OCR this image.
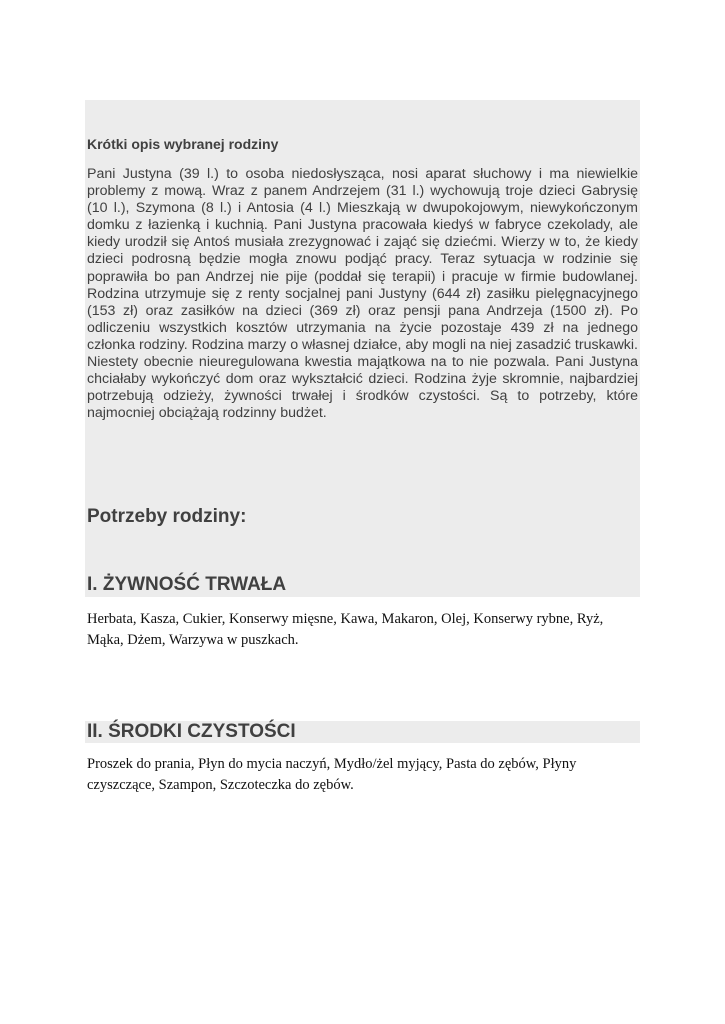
Krótki opis wybranej rodziny

Pani Justyna (39 l.) to osoba niedosłysząca, nosi aparat słuchowy i ma niewielkie problemy z mową. Wraz z panem Andrzejem (31 l.) wychowują troje dzieci Gabrysię (10 l.), Szymona (8 l.) i Antosia (4 l.) Mieszkają w dwupokojowym, niewykończonym domku z łazienką i kuchnią. Pani Justyna pracowała kiedyś w fabryce czekolady, ale kiedy urodził się Antoś musiała zrezygnować i zająć się dziećmi. Wierzy w to, że kiedy dzieci podrosną będzie mogła znowu podjąć pracy. Teraz sytuacja w rodzinie się poprawiła bo pan Andrzej nie pije (poddał się terapii) i pracuje w firmie budowlanej. Rodzina utrzymuje się z renty socjalnej pani Justyny (644 zł) zasiłku pielęgnacyjnego (153 zł) oraz zasiłków na dzieci (369 zł) oraz pensji pana Andrzeja (1500 zł). Po odliczeniu wszystkich kosztów utrzymania na życie pozostaje 439 zł na jednego członka rodziny. Rodzina marzy o własnej działce, aby mogli na niej zasadzić truskawki. Niestety obecnie nieuregulowana kwestia majątkowa na to nie pozwala. Pani Justyna chciałaby wykończyć dom oraz wykształcić dzieci. Rodzina żyje skromnie, najbardziej potrzebują odzieży, żywności trwałej i środków czystości. Są to potrzeby, które najmocniej obciążają rodzinny budżet.

Potrzeby rodziny:

I. ŻYWNOŚĆ TRWAŁA

Herbata, Kasza, Cukier, Konserwy mięsne, Kawa, Makaron, Olej, Konserwy rybne, Ryż, Mąka, Dżem, Warzywa w puszkach.

II. ŚRODKI CZYSTOŚCI

Proszek do prania, Płyn do mycia naczyń, Mydło/żel myjący, Pasta do zębów, Płyny czyszczące, Szampon, Szczoteczka do zębów.
